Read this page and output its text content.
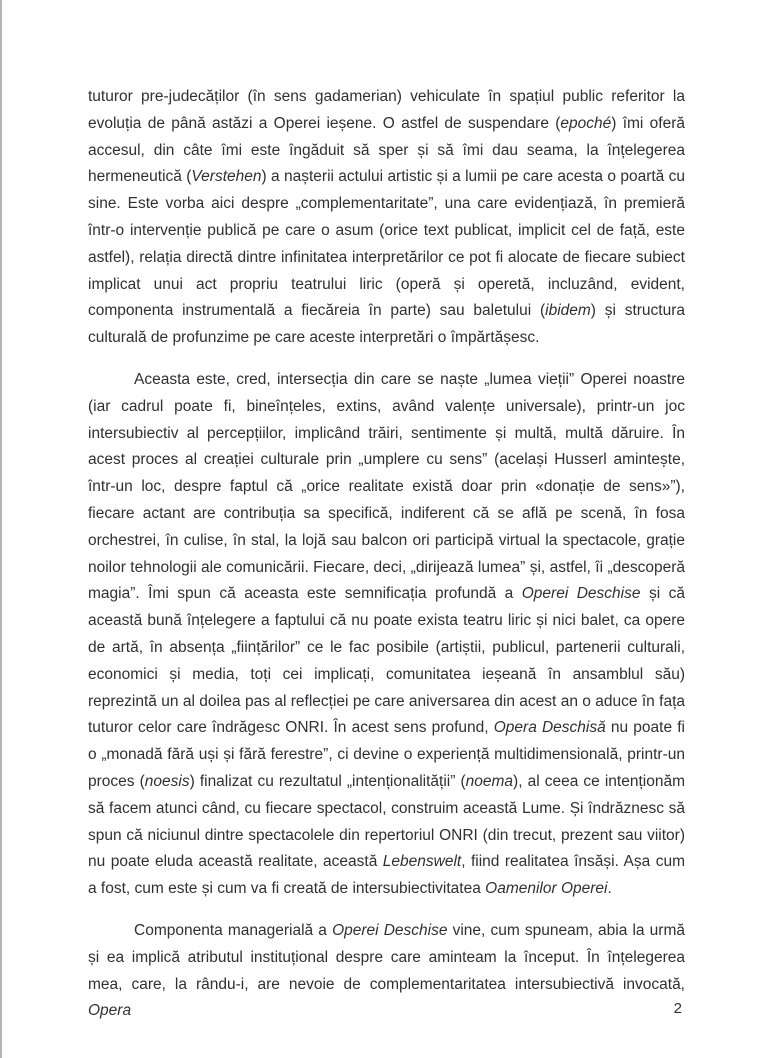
tuturor pre-judecăților (în sens gadamerian) vehiculate în spațiul public referitor la evoluția de până astăzi a Operei ieșene. O astfel de suspendare (epoché) îmi oferă accesul, din câte îmi este îngăduit să sper și să îmi dau seama, la înțelegerea hermeneutică (Verstehen) a nașterii actului artistic și a lumii pe care acesta o poartă cu sine. Este vorba aici despre „complementaritate”, una care evidențiază, în premieră într-o intervenție publică pe care o asum (orice text publicat, implicit cel de față, este astfel), relația directă dintre infinitatea interpretărilor ce pot fi alocate de fiecare subiect implicat unui act propriu teatrului liric (operă și operetă, incluzând, evident, componenta instrumentală a fiecăreia în parte) sau baletului (ibidem) și structura culturală de profunzime pe care aceste interpretări o împărtășesc.

Aceasta este, cred, intersecția din care se naște „lumea vieții” Operei noastre (iar cadrul poate fi, bineînțeles, extins, având valențe universale), printr-un joc intersubiectiv al percepțiilor, implicând trăiri, sentimente și multă, multă dăruire. În acest proces al creației culturale prin „umplere cu sens” (același Husserl amintește, într-un loc, despre faptul că „orice realitate există doar prin «donație de sens»”), fiecare actant are contribuția sa specifică, indiferent că se află pe scenă, în fosa orchestrei, în culise, în stal, la lojă sau balcon ori participă virtual la spectacole, grație noilor tehnologii ale comunicării. Fiecare, deci, „dirijează lumea” și, astfel, îi „descoperă magia”. Îmi spun că aceasta este semnificația profundă a Operei Deschise și că această bună înțelegere a faptului că nu poate exista teatru liric și nici balet, ca opere de artă, în absența „ființărilor” ce le fac posibile (artiștii, publicul, partenerii culturali, economici și media, toți cei implicați, comunitatea ieșeană în ansamblul său) reprezintă un al doilea pas al reflecției pe care aniversarea din acest an o aduce în fața tuturor celor care îndrăgesc ONRI. În acest sens profund, Opera Deschisă nu poate fi o „monadă fără uși și fără ferestre”, ci devine o experiență multidimensională, printr-un proces (noesis) finalizat cu rezultatul „intenționalității” (noema), al ceea ce intenționăm să facem atunci când, cu fiecare spectacol, construim această Lume. Și îndrăznesc să spun că niciunul dintre spectacolele din repertoriul ONRI (din trecut, prezent sau viitor) nu poate eluda această realitate, această Lebenswelt, fiind realitatea însăși. Așa cum a fost, cum este și cum va fi creată de intersubiectivitatea Oamenilor Operei.

Componenta managerială a Operei Deschise vine, cum spuneam, abia la urmă și ea implică atributul instituțional despre care aminteam la început. În înțelegerea mea, care, la rându-i, are nevoie de complementaritatea intersubiectivă invocată, Opera	2
